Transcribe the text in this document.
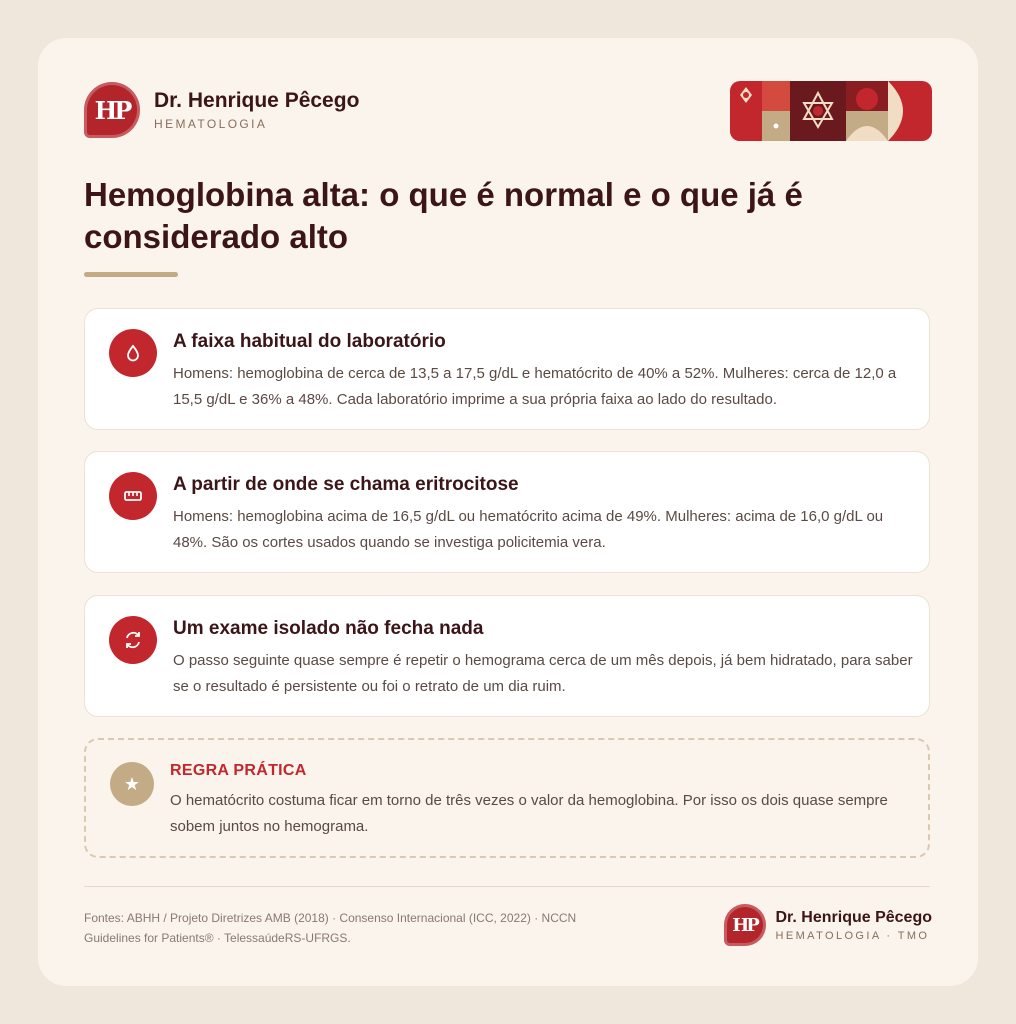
HP	Dr. Henrique Pêcego
HEMATOLOGIA
Hemoglobina alta: o que é normal e o que já é considerado alto
A faixa habitual do laboratório
Homens: hemoglobina de cerca de 13,5 a 17,5 g/dL e hematócrito de 40% a 52%. Mulheres: cerca de 12,0 a 15,5 g/dL e 36% a 48%. Cada laboratório imprime a sua própria faixa ao lado do resultado.
A partir de onde se chama eritrocitose
Homens: hemoglobina acima de 16,5 g/dL ou hematócrito acima de 49%. Mulheres: acima de 16,0 g/dL ou 48%. São os cortes usados quando se investiga policitemia vera.
Um exame isolado não fecha nada
O passo seguinte quase sempre é repetir o hemograma cerca de um mês depois, já bem hidratado, para saber se o resultado é persistente ou foi o retrato de um dia ruim.
★
REGRA PRÁTICA
O hematócrito costuma ficar em torno de três vezes o valor da hemoglobina. Por isso os dois quase sempre sobem juntos no hemograma.
Fontes: ABHH / Projeto Diretrizes AMB (2018) · Consenso Internacional (ICC, 2022) · NCCN Guidelines for Patients® · TelessaúdeRS-UFRGS.
HP	Dr. Henrique Pêcego
HEMATOLOGIA · TMO
